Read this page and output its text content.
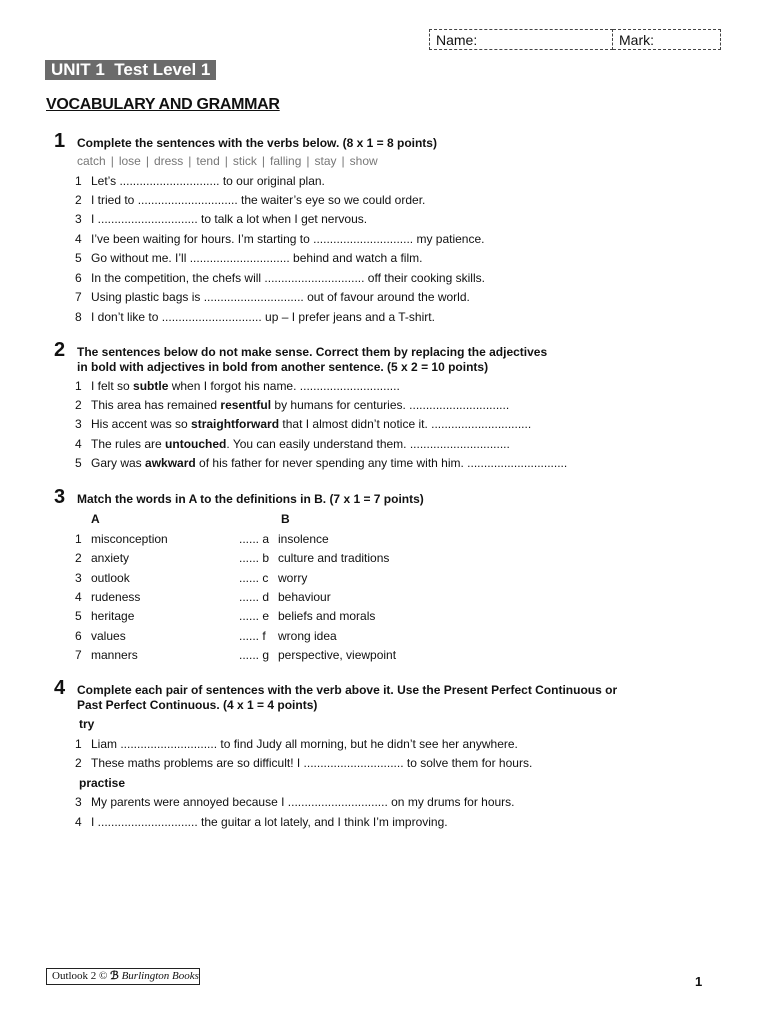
Name:	Mark:
UNIT 1  Test Level 1
VOCABULARY AND GRAMMAR
1 Complete the sentences with the verbs below. (8 x 1 = 8 points)
catch | lose | dress | tend | stick | falling | stay | show
1 Let’s .............................. to our original plan.
2 I tried to .............................. the waiter’s eye so we could order.
3 I .............................. to talk a lot when I get nervous.
4 I’ve been waiting for hours. I’m starting to .............................. my patience.
5 Go without me. I’ll .............................. behind and watch a film.
6 In the competition, the chefs will .............................. off their cooking skills.
7 Using plastic bags is .............................. out of favour around the world.
8 I don’t like to .............................. up – I prefer jeans and a T-shirt.
2 The sentences below do not make sense. Correct them by replacing the adjectives
in bold with adjectives in bold from another sentence. (5 x 2 = 10 points)
1 I felt so subtle when I forgot his name. ..............................
2 This area has remained resentful by humans for centuries. ..............................
3 His accent was so straightforward that I almost didn’t notice it. ..............................
4 The rules are untouched. You can easily understand them. ..............................
5 Gary was awkward of his father for never spending any time with him. ..............................
3 Match the words in A to the definitions in B. (7 x 1 = 7 points)
A	B
1 misconception	...... a insolence
2 anxiety	...... b culture and traditions
3 outlook	...... c worry
4 rudeness	...... d behaviour
5 heritage	...... e beliefs and morals
6 values	...... f wrong idea
7 manners	...... g perspective, viewpoint
4 Complete each pair of sentences with the verb above it. Use the Present Perfect Continuous or
Past Perfect Continuous. (4 x 1 = 4 points)
try
1 Liam ............................. to find Judy all morning, but he didn’t see her anywhere.
2 These maths problems are so difficult! I .............................. to solve them for hours.
practise
3 My parents were annoyed because I .............................. on my drums for hours.
4 I .............................. the guitar a lot lately, and I think I’m improving.
Outlook 2 © ℬ Burlington Books	1
